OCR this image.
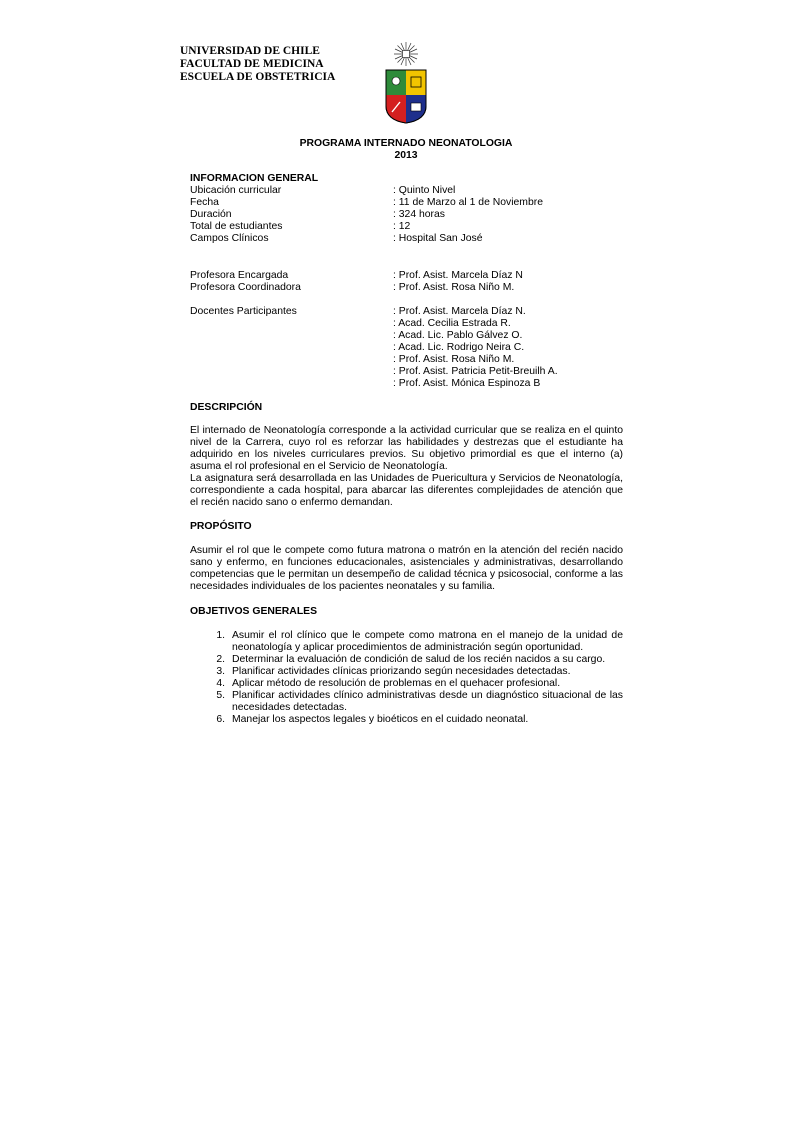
UNIVERSIDAD DE CHILE
FACULTAD DE MEDICINA
ESCUELA DE OBSTETRICIA
PROGRAMA INTERNADO NEONATOLOGIA
2013
INFORMACION GENERAL
Ubicación curricular	: Quinto Nivel
Fecha	: 11 de Marzo al 1 de Noviembre
Duración	: 324 horas
Total de estudiantes	: 12
Campos Clínicos	: Hospital San José
Profesora Encargada	: Prof. Asist. Marcela Díaz N
Profesora Coordinadora	: Prof. Asist. Rosa Niño M.
Docentes Participantes	: Prof. Asist. Marcela Díaz N.
: Acad. Cecilia Estrada R.
: Acad. Lic. Pablo Gálvez O.
: Acad. Lic. Rodrigo Neira C.
: Prof. Asist. Rosa Niño M.
: Prof. Asist. Patricia Petit-Breuilh A.
: Prof. Asist. Mónica Espinoza B
DESCRIPCIÓN

El internado de Neonatología corresponde a la actividad curricular que se realiza en el quinto nivel de la Carrera, cuyo rol es reforzar las habilidades y destrezas que el estudiante ha adquirido en los niveles curriculares previos. Su objetivo primordial es que el interno (a) asuma el rol profesional en el Servicio de Neonatología.

La asignatura será desarrollada en las Unidades de Puericultura y Servicios de Neonatología, correspondiente a cada hospital, para abarcar las diferentes complejidades de atención que el recién nacido sano o enfermo demandan.

PROPÓSITO

Asumir el rol que le compete como futura matrona o matrón en la atención del recién nacido sano y enfermo, en funciones educacionales, asistenciales y administrativas, desarrollando competencias que le permitan un desempeño de calidad técnica y psicosocial, conforme a las necesidades individuales de los pacientes neonatales y su familia.

OBJETIVOS GENERALES
1. Asumir el rol clínico que le compete como matrona en el manejo de la unidad de neonatología y aplicar procedimientos de administración según oportunidad.
2. Determinar la evaluación de condición de salud de los recién nacidos a su cargo.
3. Planificar actividades clínicas priorizando según necesidades detectadas.
4. Aplicar método de resolución de problemas en el quehacer profesional.
5. Planificar actividades clínico administrativas desde un diagnóstico situacional de las necesidades detectadas.
6. Manejar los aspectos legales y bioéticos en el cuidado neonatal.
